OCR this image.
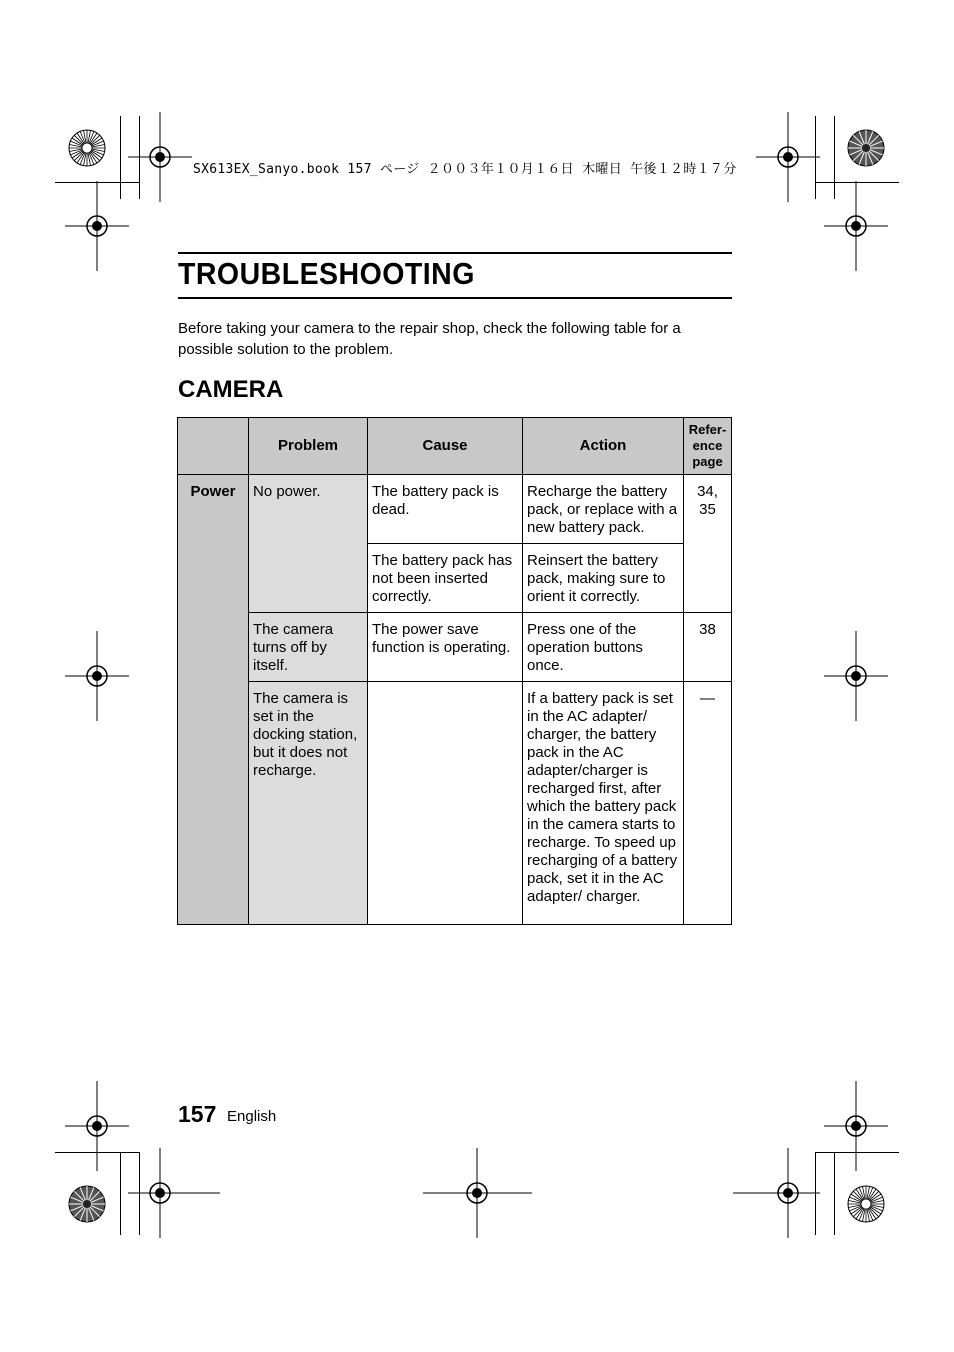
SX613EX_Sanyo.book 157 ページ ２００３年１０月１６日 木曜日 午後１２時１７分
TROUBLESHOOTING
Before taking your camera to the repair shop, check the following table for a possible solution to the problem.
CAMERA
	Problem	Cause	Action	Refer-ence page
Power	No power.	The battery pack is dead.	Recharge the battery pack, or replace with a new battery pack.	34, 35
		The battery pack has not been inserted correctly.	Reinsert the battery pack, making sure to orient it correctly.	
	The camera turns off by itself.	The power save function is operating.	Press one of the operation buttons once.	38
	The camera is set in the docking station, but it does not recharge.		If a battery pack is set in the AC adapter/ charger, the battery pack in the AC adapter/charger is recharged first, after which the battery pack in the camera starts to recharge. To speed up recharging of a battery pack, set it in the AC adapter/ charger.	—
157 English
